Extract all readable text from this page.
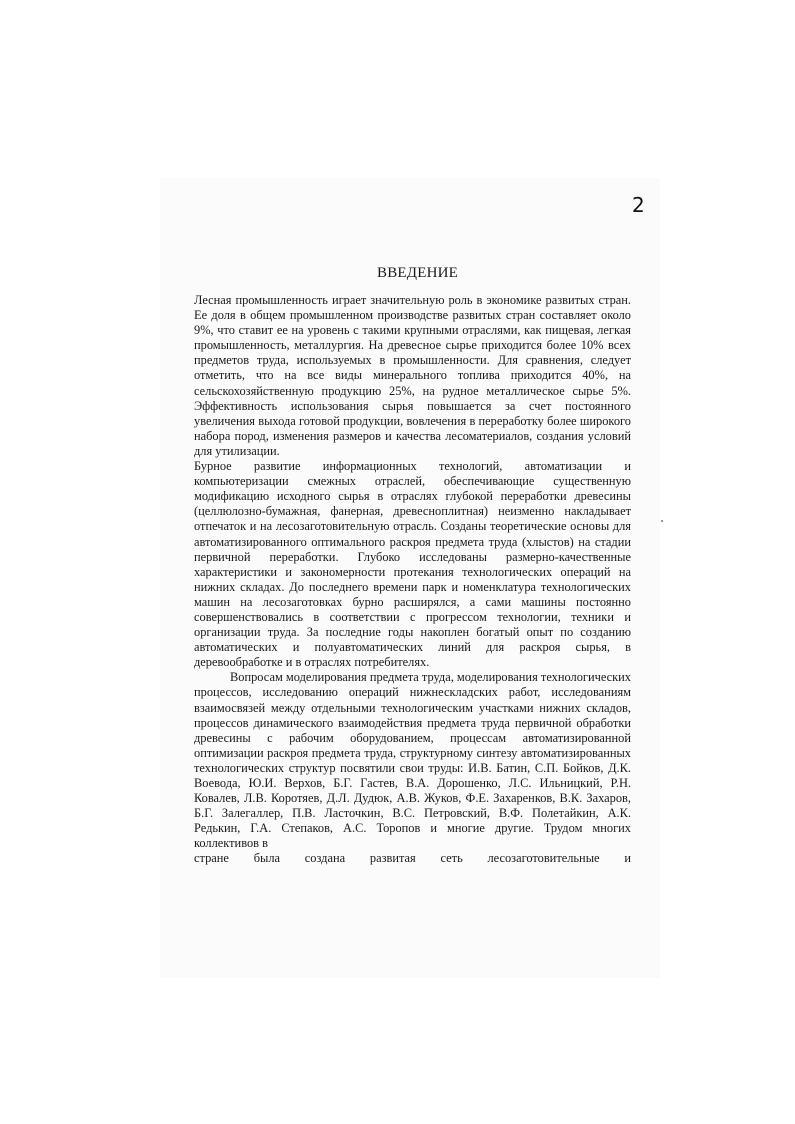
2
ВВЕДЕНИЕ

Лесная промышленность играет значительную роль в экономике развитых стран. Ее доля в общем промышленном производстве развитых стран составляет около 9%, что ставит ее на уровень с такими крупными отраслями, как пищевая, легкая промышленность, металлургия. На древесное сырье приходится более 10% всех предметов труда, используемых в промышленности. Для сравнения, следует отметить, что на все виды минерального топлива приходится 40%, на сельскохозяйственную продукцию 25%, на рудное металлическое сырье 5%. Эффективность использования сырья повышается за счет постоянного увеличения выхода готовой продукции, вовлечения в переработку более широкого набора пород, изменения размеров и качества лесоматериалов, создания условий для утилизации.

Бурное развитие информационных технологий, автоматизации и компьютеризации смежных отраслей, обеспечивающие существенную модификацию исходного сырья в отраслях глубокой переработки древесины (целлюлозно-бумажная, фанерная, древесноплитная) неизменно накладывает отпечаток и на лесозаготовительную отрасль. Созданы теоретические основы для автоматизированного оптимального раскроя предмета труда (хлыстов) на стадии первичной переработки. Глубоко исследованы размерно-качественные характеристики и закономерности протекания технологических операций на нижних складах. До последнего времени парк и номенклатура технологических машин на лесозаготовках бурно расширялся, а сами машины постоянно совершенствовались в соответствии с прогрессом технологии, техники и организации труда. За последние годы накоплен богатый опыт по созданию автоматических и полуавтоматических линий для раскроя сырья, в деревообработке и в отраслях потребителях.

Вопросам моделирования предмета труда, моделирования технологических процессов, исследованию операций нижнескладских работ, исследованиям взаимосвязей между отдельными технологическим участками нижних складов, процессов динамического взаимодействия предмета труда первичной обработки древесины с рабочим оборудованием, процессам автоматизированной оптимизации раскроя предмета труда, структурному синтезу автоматизированных технологических структур посвятили свои труды: И.В. Батин, С.П. Бойков, Д.К. Воевода, Ю.И. Верхов, Б.Г. Гастев, В.А. Дорошенко, Л.С. Ильницкий, Р.Н. Ковалев, Л.В. Коротяев, Д.Л. Дудюк, А.В. Жуков, Ф.Е. Захаренков, В.К. Захаров, Б.Г. Залегаллер, П.В. Ласточкин, В.С. Петровский, В.Ф. Полетайкин, А.К. Редькин, Г.А. Степаков, А.С. Торопов и многие другие. Трудом многих коллективов в

стране была создана развитая сеть лесозаготовительные и
